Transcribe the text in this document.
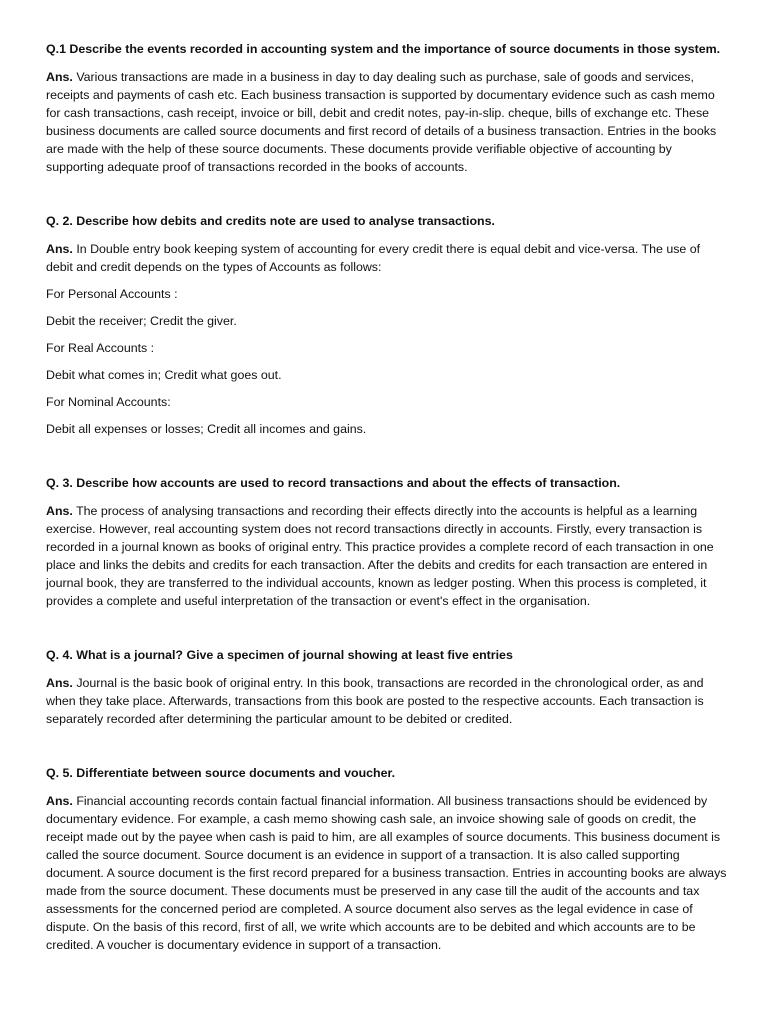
Q.1 Describe the events recorded in accounting system and the importance of source documents in those system.

Ans. Various transactions are made in a business in day to day dealing such as purchase, sale of goods and services, receipts and payments of cash etc. Each business transaction is supported by documentary evidence such as cash memo for cash transactions, cash receipt, invoice or bill, debit and credit notes, pay-in-slip. cheque, bills of exchange etc. These business documents are called source documents and first record of details of a business transaction. Entries in the books are made with the help of these source documents. These documents provide verifiable objective of accounting by supporting adequate proof of transactions recorded in the books of accounts.

Q. 2. Describe how debits and credits note are used to analyse transactions.

Ans. In Double entry book keeping system of accounting for every credit there is equal debit and vice-versa. The use of debit and credit depends on the types of Accounts as follows:

For Personal Accounts :

Debit the receiver; Credit the giver.

For Real Accounts :

Debit what comes in; Credit what goes out.

For Nominal Accounts:

Debit all expenses or losses; Credit all incomes and gains.

Q. 3. Describe how accounts are used to record transactions and about the effects of transaction.

Ans. The process of analysing transactions and recording their effects directly into the accounts is helpful as a learning exercise. However, real accounting system does not record transactions directly in accounts. Firstly, every transaction is recorded in a journal known as books of original entry. This practice provides a complete record of each transaction in one place and links the debits and credits for each transaction. After the debits and credits for each transaction are entered in journal book, they are transferred to the individual accounts, known as ledger posting. When this process is completed, it provides a complete and useful interpretation of the transaction or event's effect in the organisation.

Q. 4. What is a journal? Give a specimen of journal showing at least five entries

Ans. Journal is the basic book of original entry. In this book, transactions are recorded in the chronological order, as and when they take place. Afterwards, transactions from this book are posted to the respective accounts. Each transaction is separately recorded after determining the particular amount to be debited or credited.

Q. 5. Differentiate between source documents and voucher.

Ans. Financial accounting records contain factual financial information. All business transactions should be evidenced by documentary evidence. For example, a cash memo showing cash sale, an invoice showing sale of goods on credit, the receipt made out by the payee when cash is paid to him, are all examples of source documents. This business document is called the source document. Source document is an evidence in support of a transaction. It is also called supporting document. A source document is the first record prepared for a business transaction. Entries in accounting books are always made from the source document. These documents must be preserved in any case till the audit of the accounts and tax assessments for the concerned period are completed. A source document also serves as the legal evidence in case of dispute. On the basis of this record, first of all, we write which accounts are to be debited and which accounts are to be credited. A voucher is documentary evidence in support of a transaction.
